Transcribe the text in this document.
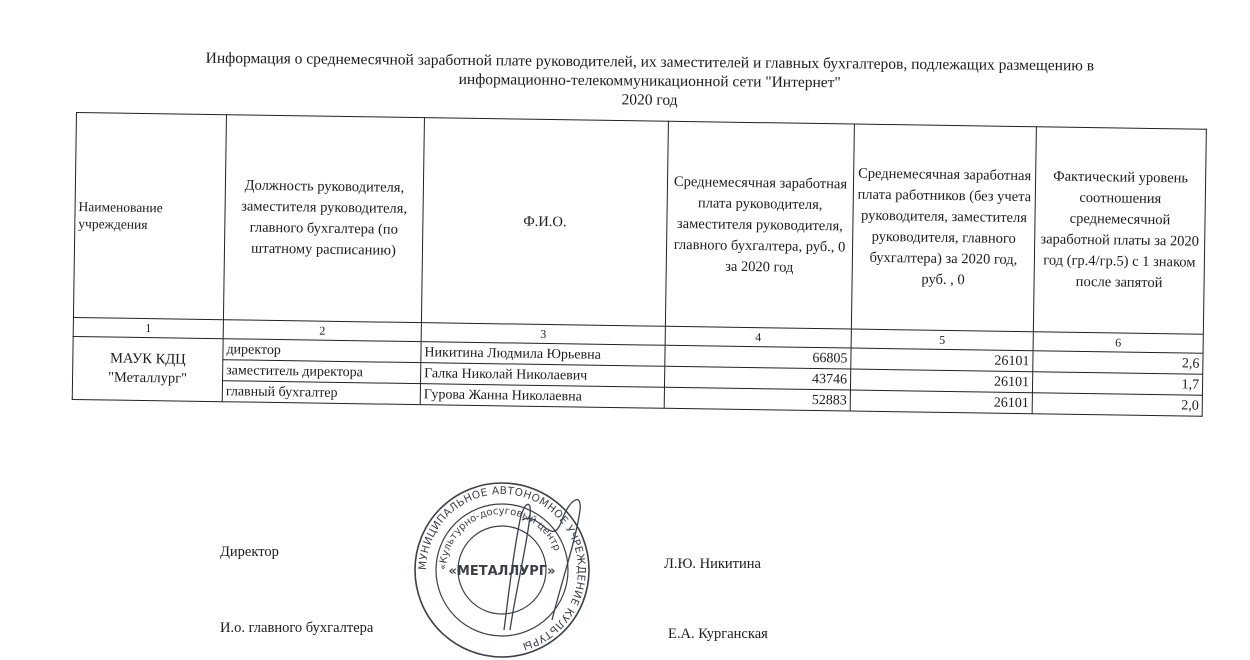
Информация о среднемесячной заработной плате руководителей, их заместителей и главных бухгалтеров, подлежащих размещению в
информационно-телекоммуникационной сети "Интернет"
2020 год
Наименование учреждения	Должность руководителя, заместителя руководителя, главного бухгалтера (по штатному расписанию)	Ф.И.О.	Среднемесячная заработная плата руководителя, заместителя руководителя, главного бухгалтера, руб., 0 за 2020 год	Среднемесячная заработная плата работников (без учета руководителя, заместителя руководителя, главного бухгалтера) за 2020 год, руб. , 0	Фактический уровень соотношения среднемесячной заработной платы за 2020 год (гр.4/гр.5) с 1 знаком после запятой
1	2	3	4	5	6
МАУК КДЦ "Металлург"	директор	Никитина Людмила Юрьевна	66805	26101	2,6
	заместитель директора	Галка Николай Николаевич	43746	26101	1,7
	главный бухгалтер	Гурова Жанна Николаевна	52883	26101	2,0
Директор
Л.Ю. Никитина
И.о. главного бухгалтера	Е.А. Курганская
МУНИЦИПАЛЬНОЕ АВТОНОМНОЕ УЧРЕЖДЕНИЕ КУЛЬТУРЫ
«Культурно-досуговый центр
«МЕТАЛЛУРГ»
